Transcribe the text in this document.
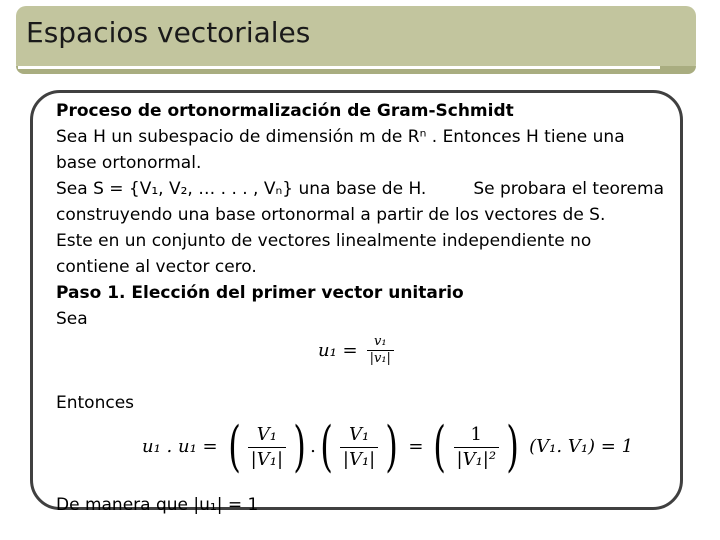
Espacios vectoriales
Proceso de ortonormalización de Gram-Schmidt
Sea H un subespacio de dimensión m de Rⁿ . Entonces H tiene una
base ortonormal.
Sea S = {V₁, V₂, … . . . , Vₙ} una base de H.	Se probara el teorema
construyendo una base ortonormal a partir de los vectores de S.
Este en un conjunto de vectores linealmente independiente no
contiene al vector cero.
Paso 1. Elección del primer vector unitario
Sea
$u_1 = \frac{\text{v₁}}{\text{|v₁|}}$
Entonces
u₁ . u₁ = ( $\frac{\text{V₁}}{\text{|V₁|}}$ ) . ( $\frac{\text{V₁}}{\text{|V₁|}}$ ) = ( $\frac{1}{\text{|V₁|²}}$ ) (V₁. V₁) = 1
De manera que |u₁| = 1
